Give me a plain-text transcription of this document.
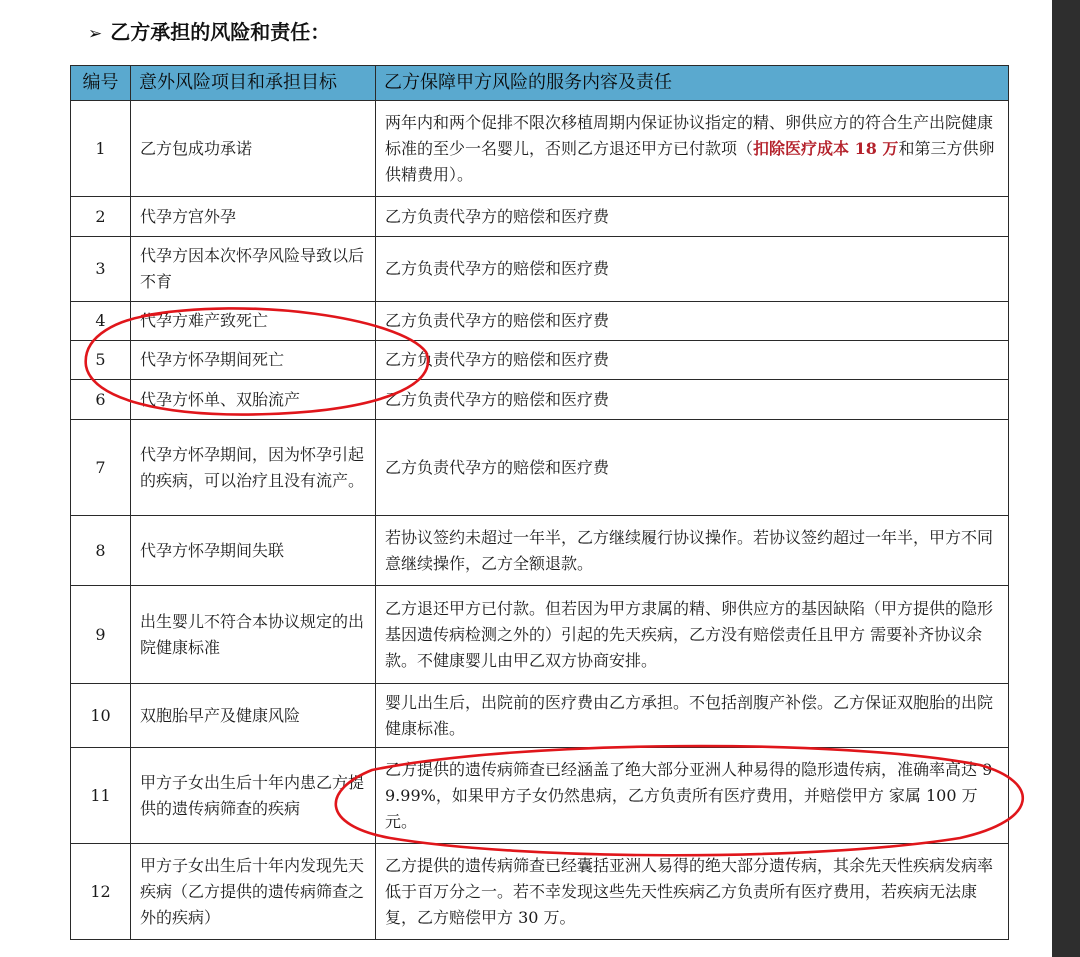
➢ 乙方承担的风险和责任：
编号	意外风险项目和承担目标	乙方保障甲方风险的服务内容及责任
1	乙方包成功承诺	两年内和两个促排不限次移植周期内保证协议指定的精、卵供应方的符合生产出院健康标准的至少一名婴儿，否则乙方退还甲方已付款项（扣除医疗成本 18 万和第三方供卵供精费用）。
2	代孕方宫外孕	乙方负责代孕方的赔偿和医疗费
3	代孕方因本次怀孕风险导致以后不育	乙方负责代孕方的赔偿和医疗费
4	代孕方难产致死亡	乙方负责代孕方的赔偿和医疗费
5	代孕方怀孕期间死亡	乙方负责代孕方的赔偿和医疗费
6	代孕方怀单、双胎流产	乙方负责代孕方的赔偿和医疗费
7	代孕方怀孕期间，因为怀孕引起的疾病，可以治疗且没有流产。	乙方负责代孕方的赔偿和医疗费
8	代孕方怀孕期间失联	若协议签约未超过一年半，乙方继续履行协议操作。若协议签约超过一年半，甲方不同意继续操作，乙方全额退款。
9	出生婴儿不符合本协议规定的出院健康标准	乙方退还甲方已付款。但若因为甲方隶属的精、卵供应方的基因缺陷（甲方提供的隐形基因遗传病检测之外的）引起的先天疾病，乙方没有赔偿责任且甲方 需要补齐协议余款。不健康婴儿由甲乙双方协商安排。
10	双胞胎早产及健康风险	婴儿出生后，出院前的医疗费由乙方承担。不包括剖腹产补偿。乙方保证双胞胎的出院健康标准。
11	甲方子女出生后十年内患乙方提供的遗传病筛查的疾病	乙方提供的遗传病筛查已经涵盖了绝大部分亚洲人种易得的隐形遗传病，准确率高达 99.99%，如果甲方子女仍然患病，乙方负责所有医疗费用，并赔偿甲方 家属 100 万元。
12	甲方子女出生后十年内发现先天疾病（乙方提供的遗传病筛查之外的疾病）	乙方提供的遗传病筛查已经囊括亚洲人易得的绝大部分遗传病，其余先天性疾病发病率低于百万分之一。若不幸发现这些先天性疾病乙方负责所有医疗费用，若疾病无法康复，乙方赔偿甲方 30 万。
